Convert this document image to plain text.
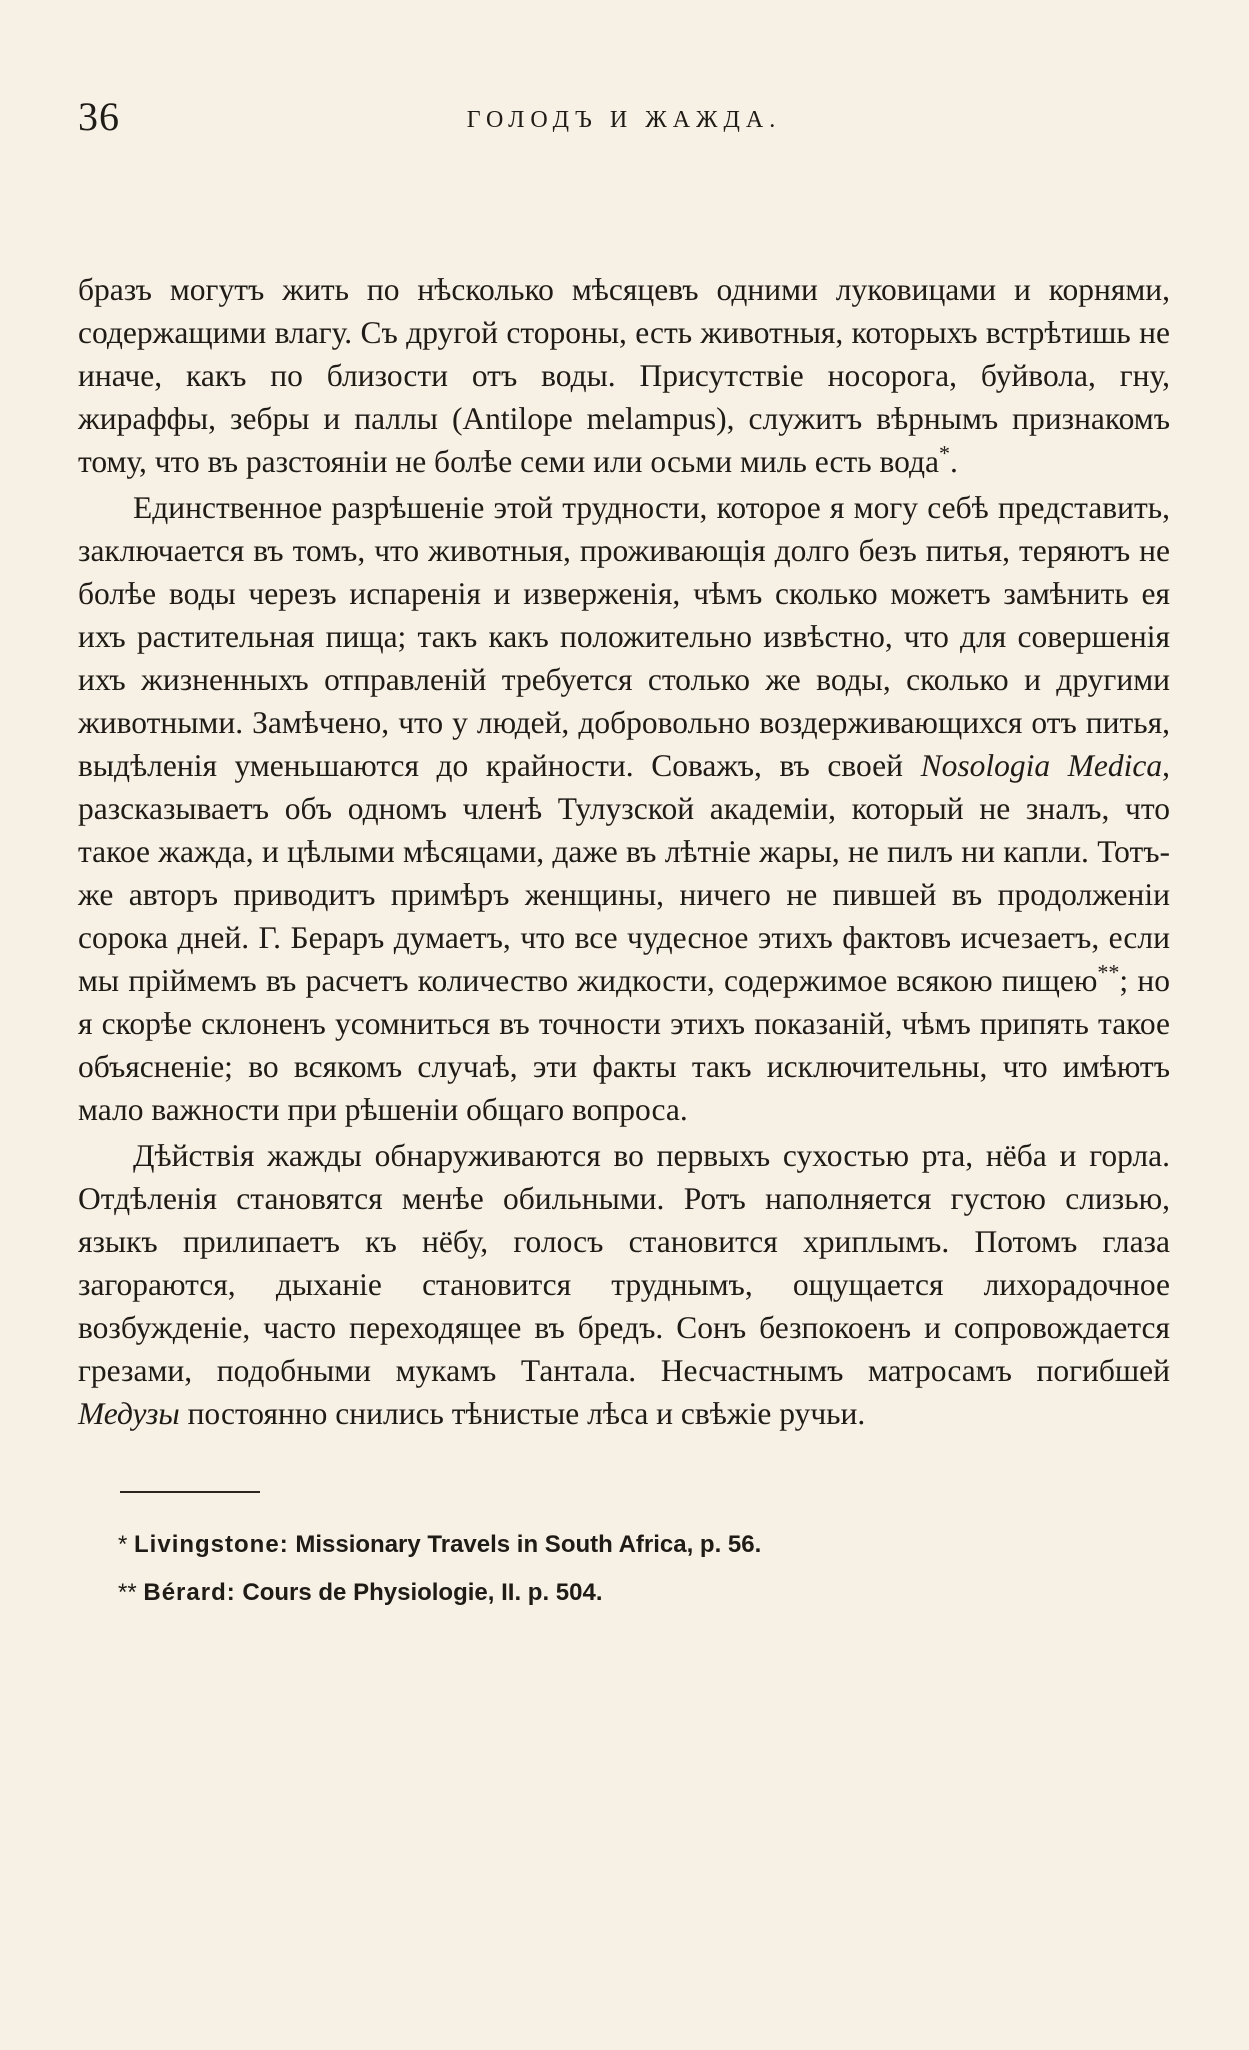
36	ГОЛОДЪ И ЖАЖДА.

бразъ могутъ жить по нѣсколько мѣсяцевъ одними луковицами и корнями, содержащими влагу. Съ другой стороны, есть животныя, которыхъ встрѣтишь не иначе, какъ по близости отъ воды. Присутствіе носорога, буйвола, гну, жираффы, зебры и паллы (Antilope melampus), служитъ вѣрнымъ признакомъ тому, что въ разстояніи не болѣе семи или осьми миль есть вода*.

Единственное разрѣшеніе этой трудности, которое я могу себѣ представить, заключается въ томъ, что животныя, проживающія долго безъ питья, теряютъ не болѣе воды черезъ испаренія и изверженія, чѣмъ сколько можетъ замѣнить ея ихъ растительная пища; такъ какъ положительно извѣстно, что для совершенія ихъ жизненныхъ отправленій требуется столько же воды, сколько и другими животными. Замѣчено, что у людей, добровольно воздерживающихся отъ питья, выдѣленія уменьшаются до крайности. Соважъ, въ своей Nosologia Medica, разсказываетъ объ одномъ членѣ Тулузской академіи, который не зналъ, что такое жажда, и цѣлыми мѣсяцами, даже въ лѣтніе жары, не пилъ ни капли. Тотъ-же авторъ приводитъ примѣръ женщины, ничего не пившей въ продолженіи сорока дней. Г. Бераръ думаетъ, что все чудесное этихъ фактовъ исчезаетъ, если мы пріймемъ въ расчетъ количество жидкости, содержимое всякою пищею**; но я скорѣе склоненъ усомниться въ точности этихъ показаній, чѣмъ припять такое объясненіе; во всякомъ случаѣ, эти факты такъ исключительны, что имѣютъ мало важности при рѣшеніи общаго вопроса.

Дѣйствія жажды обнаруживаются во первыхъ сухостью рта, нёба и горла. Отдѣленія становятся менѣе обильными. Ротъ наполняется густою слизью, языкъ прилипаетъ къ нёбу, голосъ становится хриплымъ. Потомъ глаза загораются, дыханіе становится труднымъ, ощущается лихорадочное возбужденіе, часто переходящее въ бредъ. Сонъ безпокоенъ и сопровождается грезами, подобными мукамъ Тантала. Несчастнымъ матросамъ погибшей Медузы постоянно снились тѣнистые лѣса и свѣжіе ручьи.

* Livingstone: Missionary Travels in South Africa, p. 56.
** Bérard: Cours de Physiologie, II. p. 504.
